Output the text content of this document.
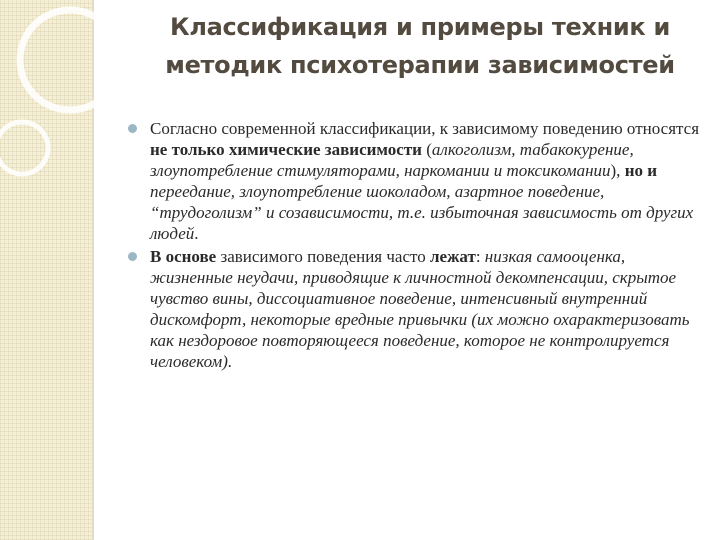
Классификация и примеры техник и
методик психотерапии зависимостей
Согласно современной классификации, к зависимому поведению относятся не только химические зависимости (алкоголизм, табакокурение, злоупотребление стимуляторами, наркомании и токсикомании), но и переедание, злоупотребление шоколадом, азартное поведение, “трудоголизм” и созависимости, т.е. избыточная зависимость от других людей.
В основе зависимого поведения часто лежат: низкая самооценка, жизненные неудачи, приводящие к личностной декомпенсации, скрытое чувство вины, диссоциативное поведение, интенсивный внутренний дискомфорт, некоторые вредные привычки (их можно охарактеризовать как нездоровое повторяющееся поведение, которое не контролируется человеком).
